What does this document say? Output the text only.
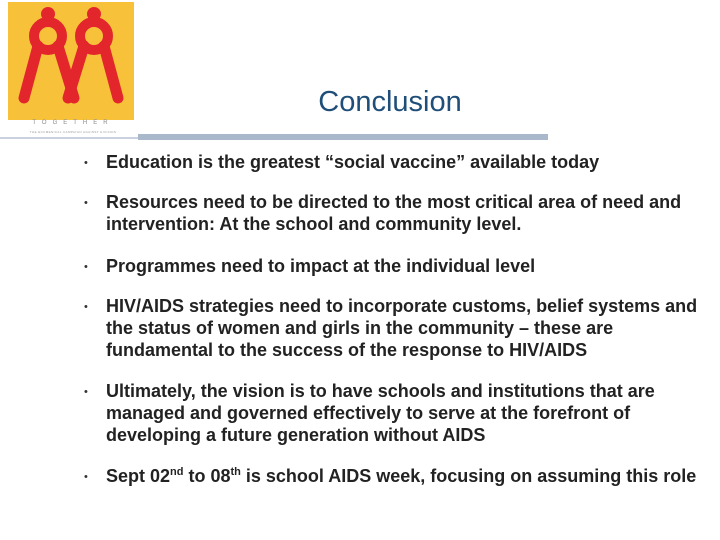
TOGETHER
THE ECUMENICAL CAMPAIGN AGAINST HIV/AIDS
Conclusion
• Education is the greatest “social vaccine” available today
• Resources need to be directed to the most critical area of need and intervention: At the school and community level.
• Programmes need to impact at the individual level
• HIV/AIDS strategies need to incorporate customs, belief systems and the status of women and girls in the community – these are fundamental to the success of the response to HIV/AIDS
• Ultimately, the vision is to have schools and institutions that are managed and governed effectively to serve at the forefront of developing a future generation without AIDS
• Sept 02nd to 08th is school AIDS week, focusing on assuming this role
